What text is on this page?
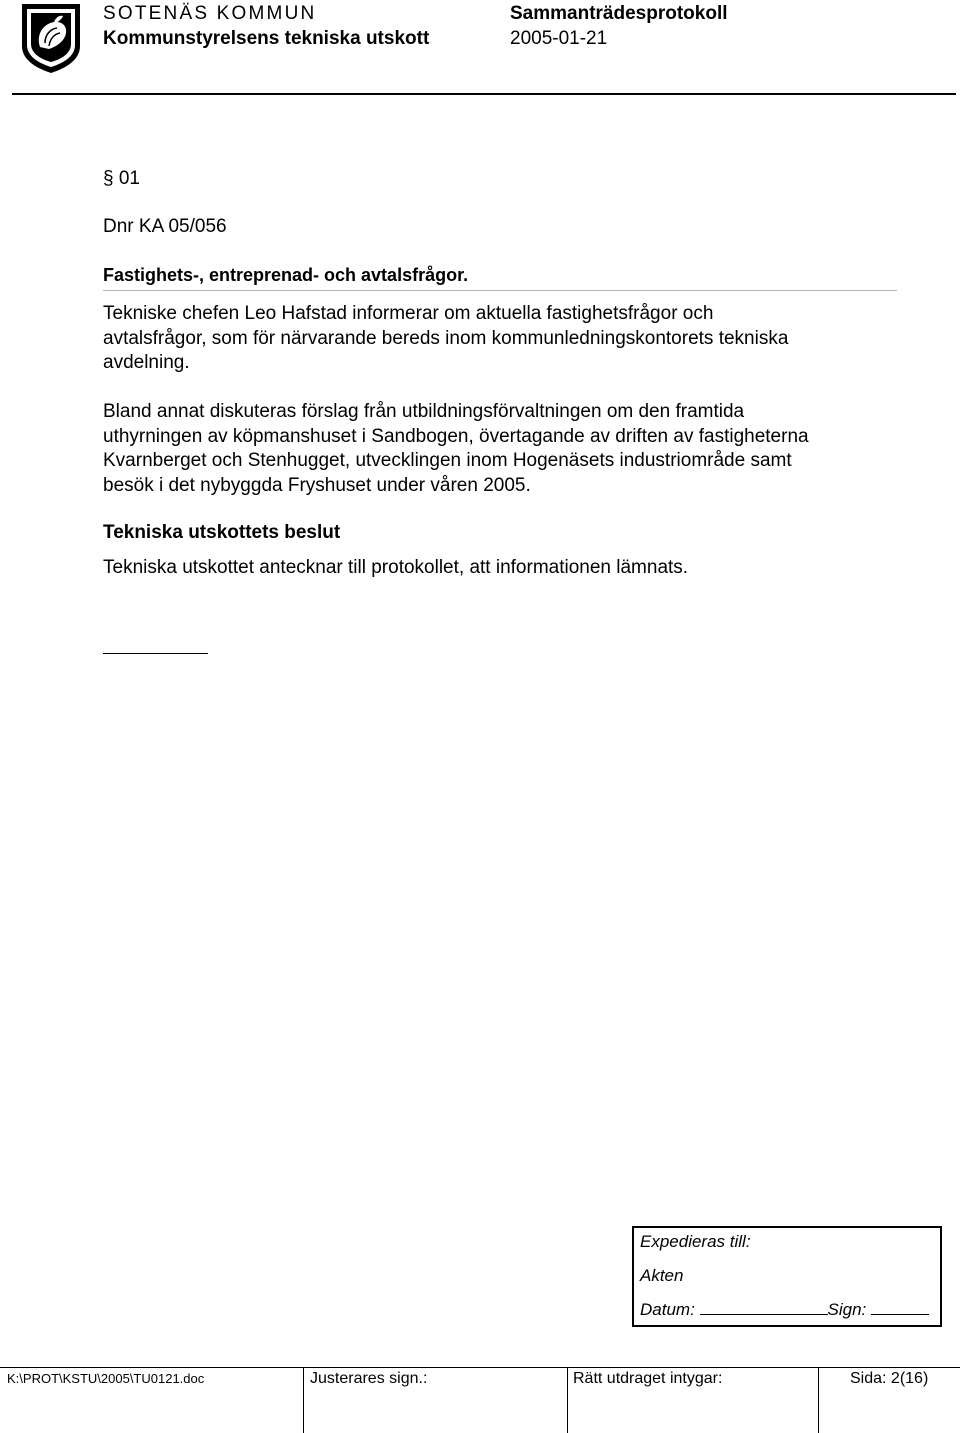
SOTENÄS KOMMUN
Kommunstyrelsens tekniska utskott
Sammanträdesprotokoll
2005-01-21
§ 01
Dnr KA 05/056
Fastighets-, entreprenad- och avtalsfrågor.
Tekniske chefen Leo Hafstad informerar om aktuella fastighetsfrågor och
avtalsfrågor, som för närvarande bereds inom kommunledningskontorets tekniska
avdelning.
Bland annat diskuteras förslag från utbildningsförvaltningen om den framtida
uthyrningen av köpmanshuset i Sandbogen, övertagande av driften av fastigheterna
Kvarnberget och Stenhugget, utvecklingen inom Hogenäsets industriområde samt
besök i det nybyggda Fryshuset under våren 2005.
Tekniska utskottets beslut
Tekniska utskottet antecknar till protokollet, att informationen lämnats.
Expedieras till:
Akten
Datum:	Sign:
K:\PROT\KSTU\2005\TU0121.doc	Justerares sign.:	Rätt utdraget intygar:	Sida: 2(16)
